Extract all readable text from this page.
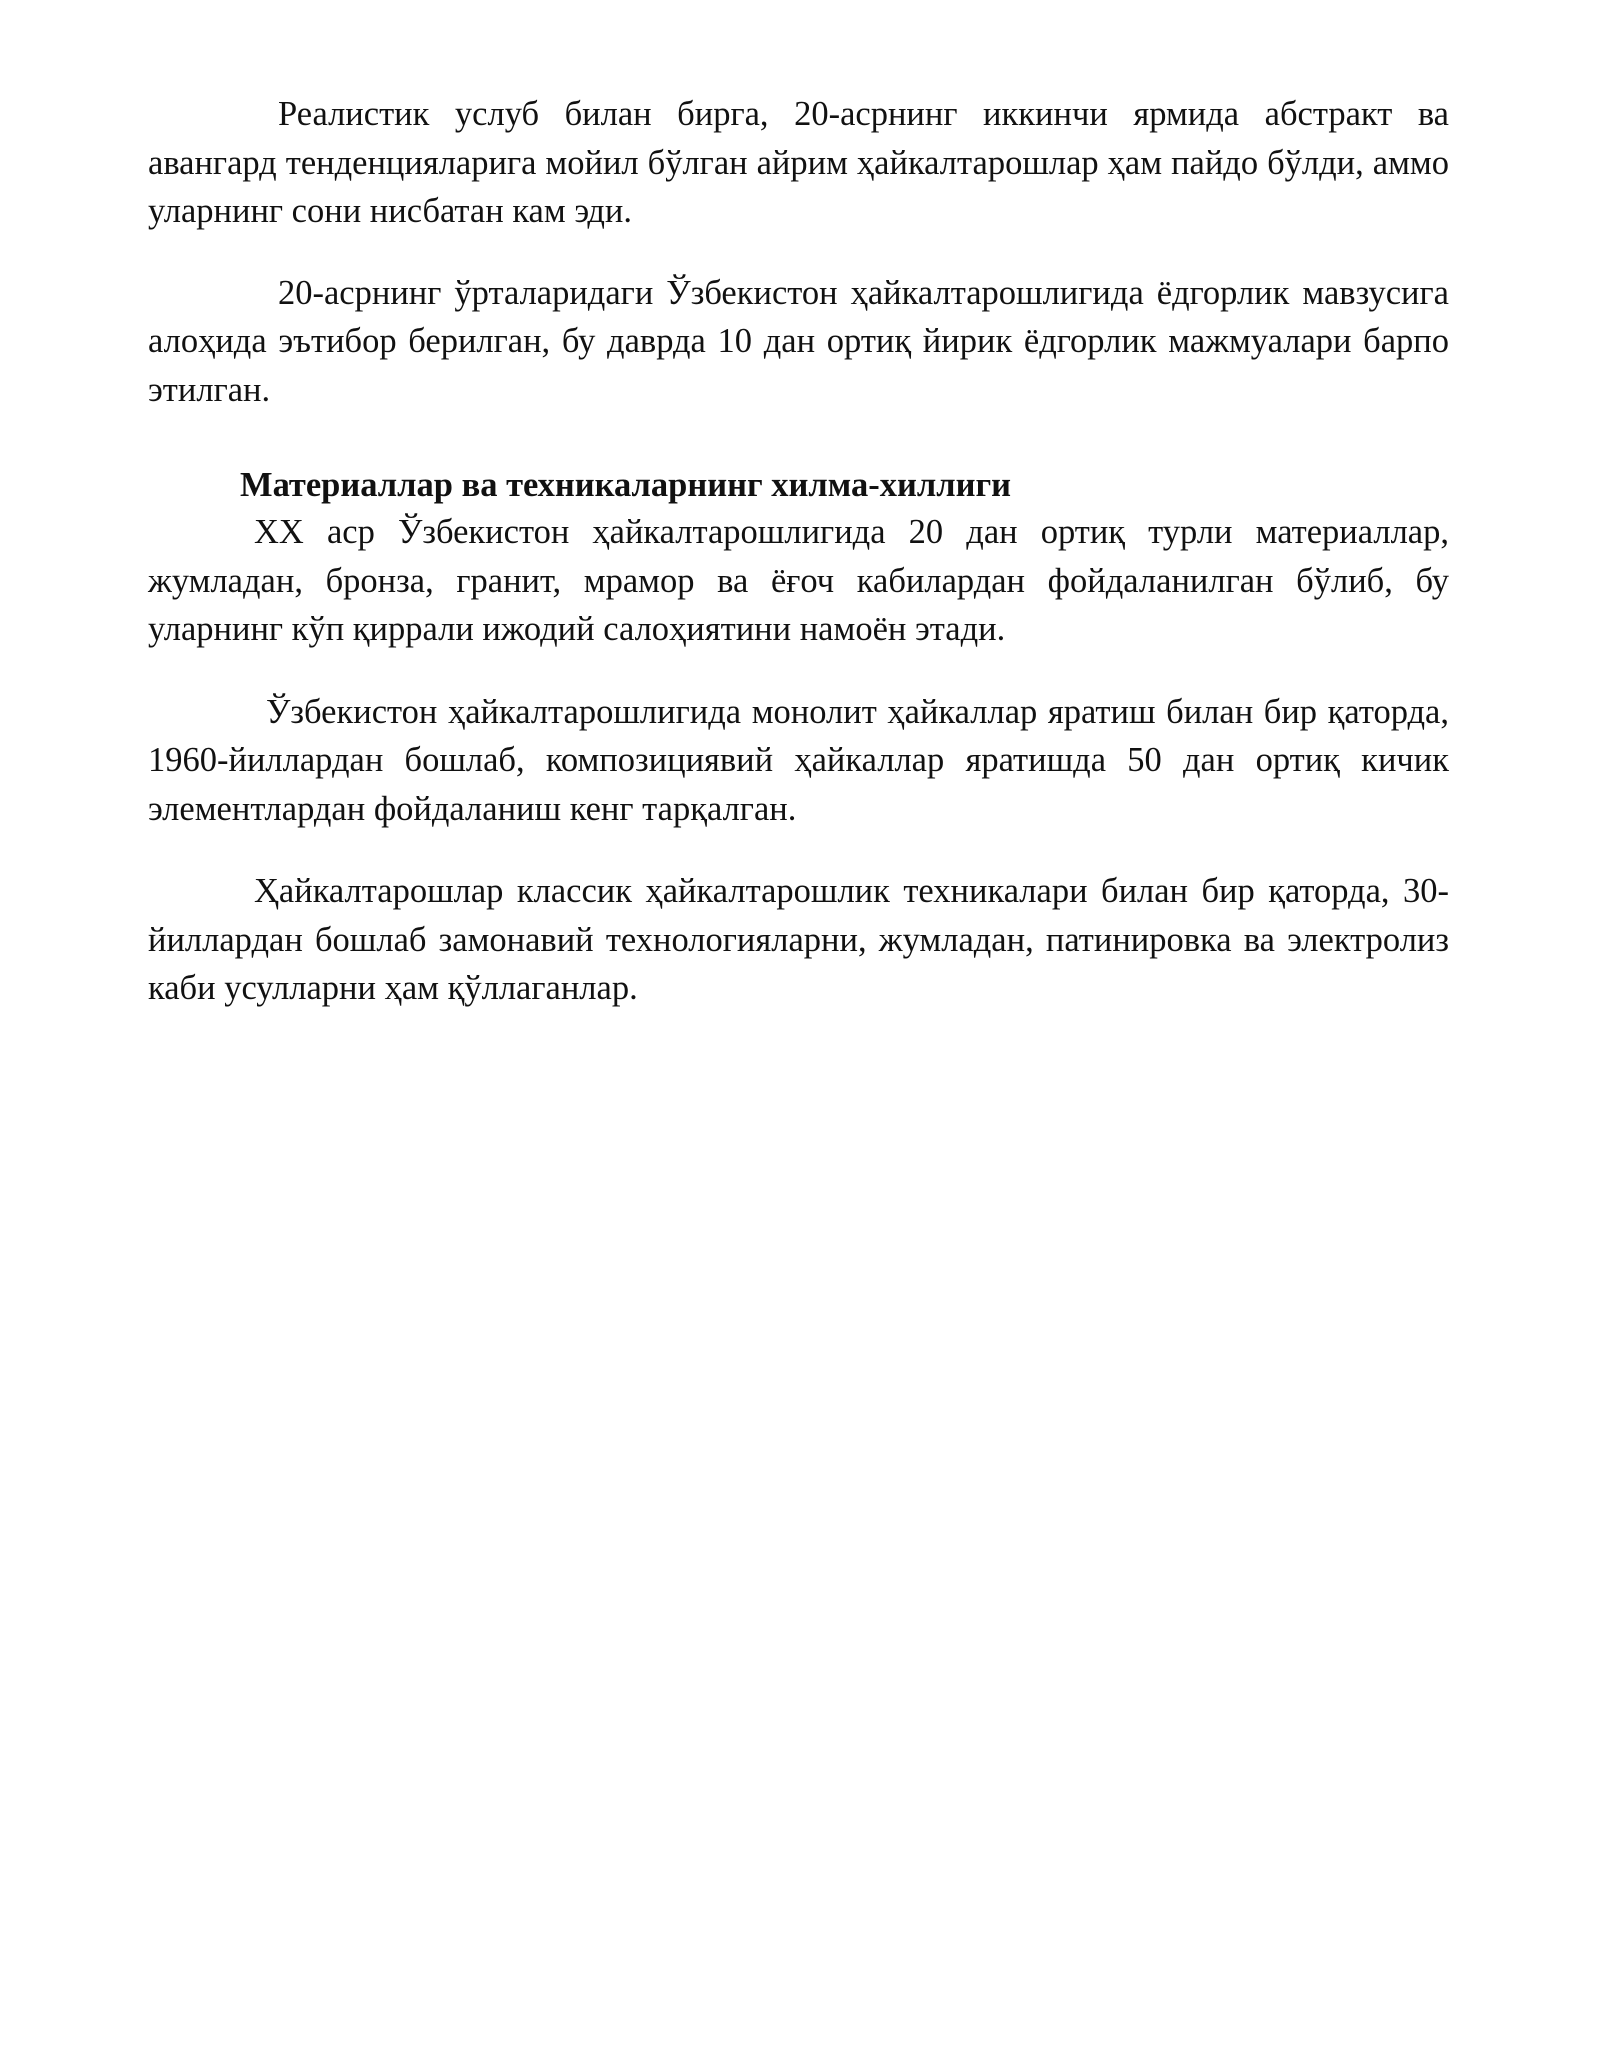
Реалистик услуб билан бирга, 20-асрнинг иккинчи ярмида абстракт ва авангард тенденцияларига мойил бўлган айрим ҳайкалтарошлар ҳам пайдо бўлди, аммо уларнинг сони нисбатан кам эди.

20-асрнинг ўрталаридаги Ўзбекистон ҳайкалтарошлигида ёдгорлик мавзусига алоҳида эътибор берилган, бу даврда 10 дан ортиқ йирик ёдгорлик мажмуалари барпо этилган.

Материаллар ва техникаларнинг хилма-хиллиги

XX аср Ўзбекистон ҳайкалтарошлигида 20 дан ортиқ турли материаллар, жумладан, бронза, гранит, мрамор ва ёғоч кабилардан фойдаланилган бўлиб, бу уларнинг кўп қиррали ижодий салоҳиятини намоён этади.

Ўзбекистон ҳайкалтарошлигида монолит ҳайкаллар яратиш билан бир қаторда, 1960-йиллардан бошлаб, композициявий ҳайкаллар яратишда 50 дан ортиқ кичик элементлардан фойдаланиш кенг тарқалган.

Ҳайкалтарошлар классик ҳайкалтарошлик техникалари билан бир қаторда, 30-йиллардан бошлаб замонавий технологияларни, жумладан, патинировка ва электролиз каби усулларни ҳам қўллаганлар.
